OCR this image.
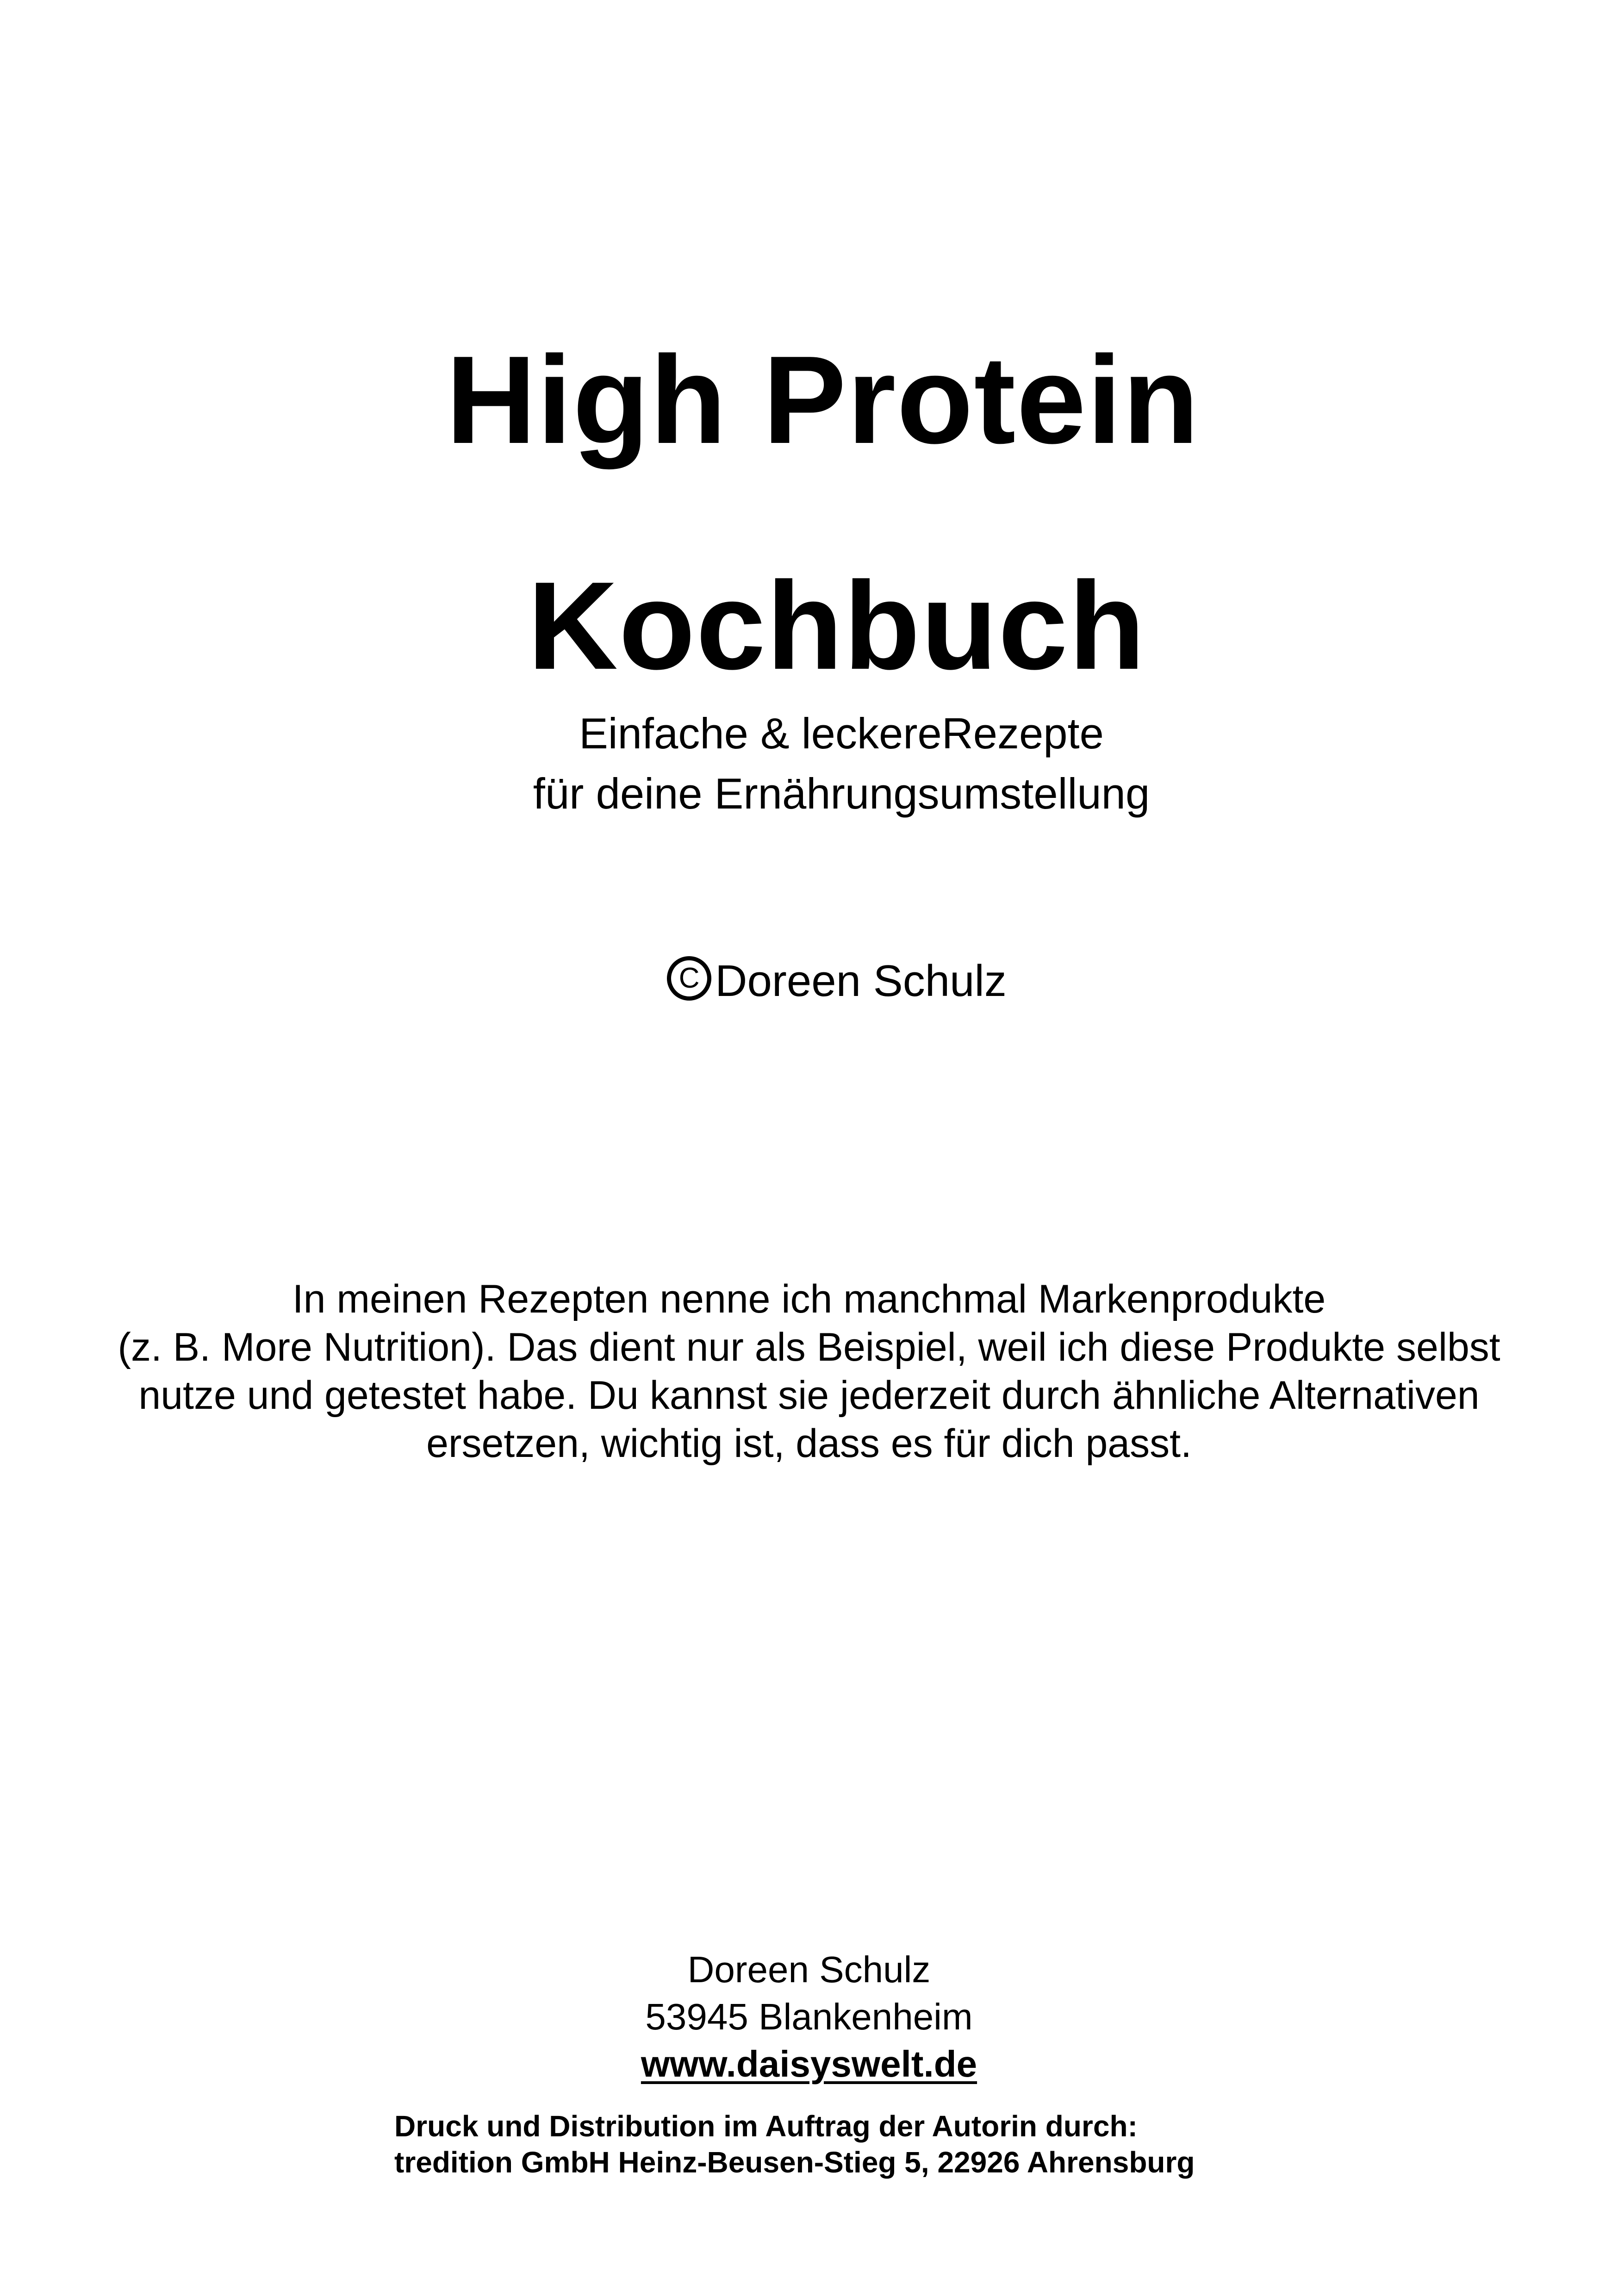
High Protein
Kochbuch
Einfache & leckereRezepte
für deine Ernährungsumstellung
C Doreen Schulz
In meinen Rezepten nenne ich manchmal Markenprodukte
(z. B. More Nutrition). Das dient nur als Beispiel, weil ich diese Produkte selbst
nutze und getestet habe. Du kannst sie jederzeit durch ähnliche Alternativen
ersetzen, wichtig ist, dass es für dich passt.
Doreen Schulz
53945 Blankenheim
www.daisyswelt.de
Druck und Distribution im Auftrag der Autorin durch:
tredition GmbH Heinz-Beusen-Stieg 5, 22926 Ahrensburg
